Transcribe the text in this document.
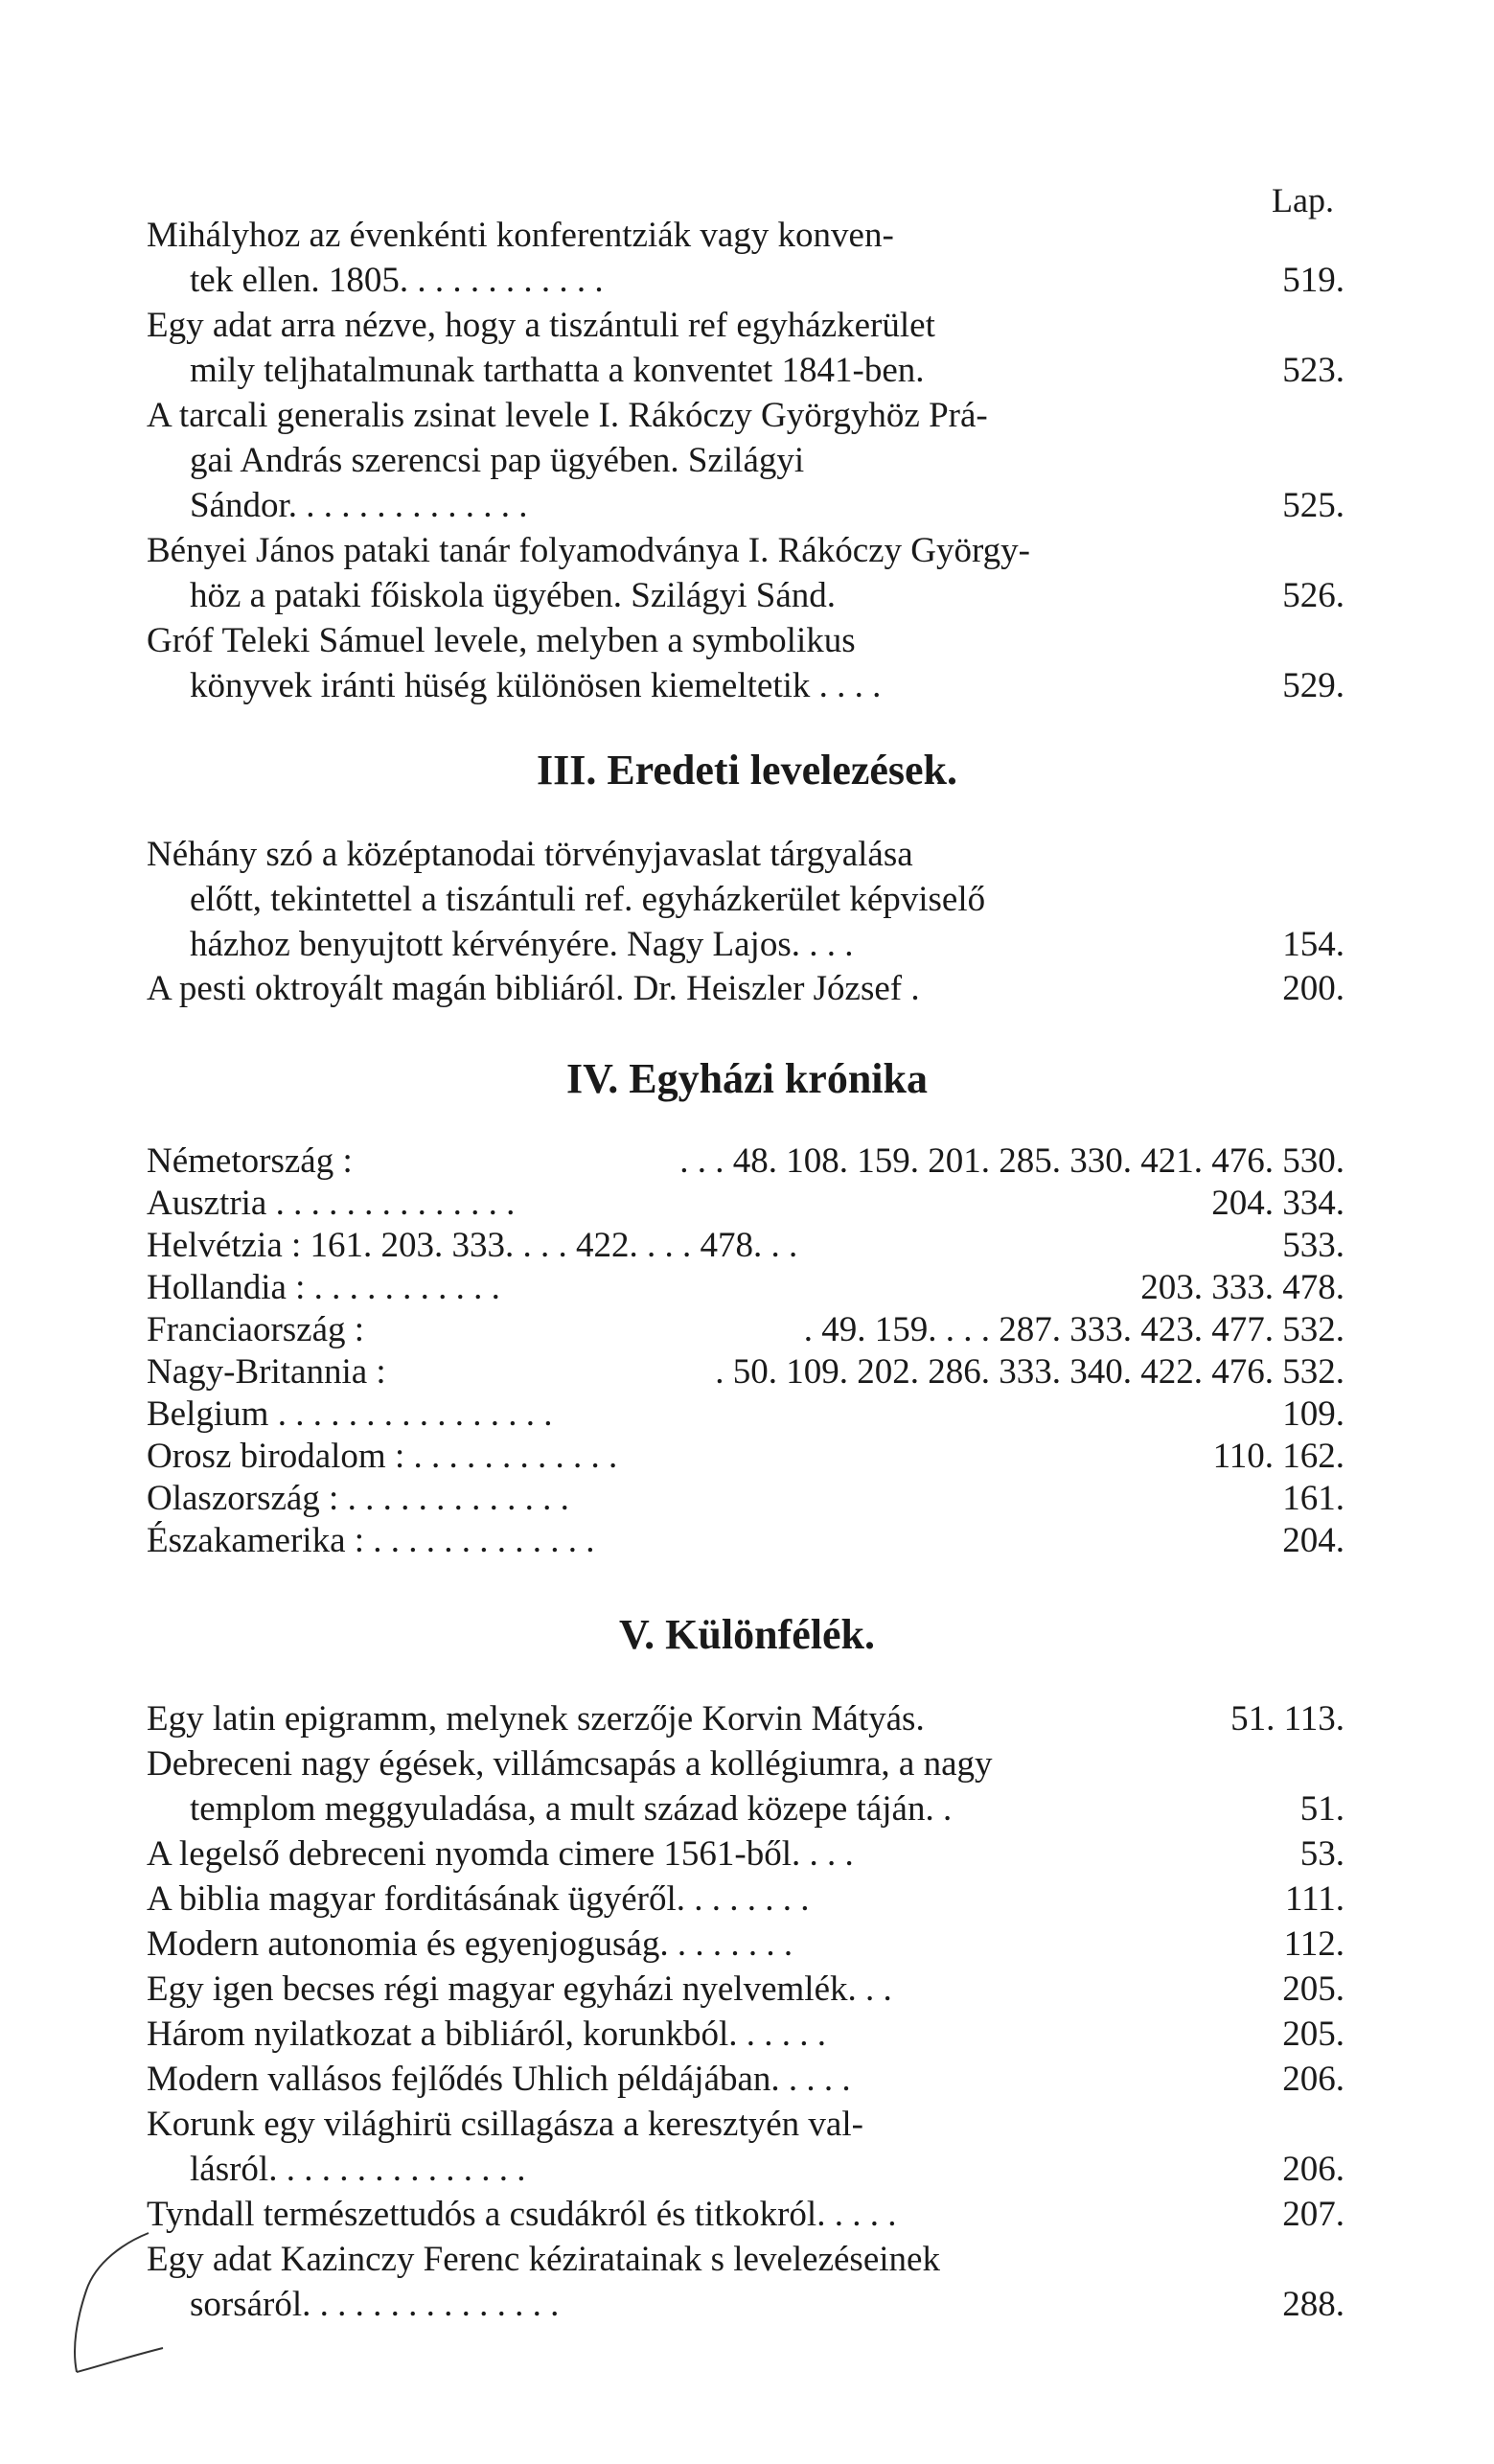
Lap.
Mihályhoz az évenkénti konferentziák vagy konven-
tek ellen. 1805. . . . . . . . . . . .	519.
Egy adat arra nézve, hogy a tiszántuli ref egyházkerület
mily teljhatalmunak tarthatta a konventet 1841-ben.	523.
A tarcali generalis zsinat levele I. Rákóczy Györgyhöz Prá-
gai András szerencsi pap ügyében. Szilágyi
Sándor. . . . . . . . . . . . . .	525.
Bényei János pataki tanár folyamodványa I. Rákóczy György-
höz a pataki főiskola ügyében. Szilágyi Sánd.	526.
Gróf Teleki Sámuel levele, melyben a symbolikus
könyvek iránti hüség különösen kiemeltetik . . . .	529.
III. Eredeti levelezések.
Néhány szó a középtanodai törvényjavaslat tárgyalása
előtt, tekintettel a tiszántuli ref. egyházkerület képviselő
házhoz benyujtott kérvényére. Nagy Lajos. . . .	154.
A pesti oktroyált magán bibliáról. Dr. Heiszler József .	200.
IV. Egyházi krónika
Németország :	. . . 48. 108. 159. 201. 285. 330. 421. 476. 530.
Ausztria . . . . . . . . . . . . . .	204. 334.
Helvétzia : 161. 203. 333. . . . 422. . . . 478. . .	533.
Hollandia : . . . . . . . . . . .	203. 333. 478.
Franciaország :	. 49. 159. . . . 287. 333. 423. 477. 532.
Nagy-Britannia :	. 50. 109. 202. 286. 333. 340. 422. 476. 532.
Belgium . . . . . . . . . . . . . . . .	109.
Orosz birodalom : . . . . . . . . . . . .	110. 162.
Olaszország : . . . . . . . . . . . . .	161.
Északamerika : . . . . . . . . . . . . .	204.
V. Különfélék.
Egy latin epigramm, melynek szerzője Korvin Mátyás.	51. 113.
Debreceni nagy égések, villámcsapás a kollégiumra, a nagy
templom meggyuladása, a mult század közepe táján. .	51.
A legelső debreceni nyomda cimere 1561-ből. . . .	53.
A biblia magyar forditásának ügyéről. . . . . . . .	111.
Modern autonomia és egyenjoguság. . . . . . . .	112.
Egy igen becses régi magyar egyházi nyelvemlék. . .	205.
Három nyilatkozat a bibliáról, korunkból. . . . . .	205.
Modern vallásos fejlődés Uhlich példájában. . . . .	206.
Korunk egy világhirü csillagásza a keresztyén val-
lásról. . . . . . . . . . . . . . .	206.
Tyndall természettudós a csudákról és titkokról. . . . .	207.
Egy adat Kazinczy Ferenc kéziratainak s levelezéseinek
sorsáról. . . . . . . . . . . . . . .	288.
